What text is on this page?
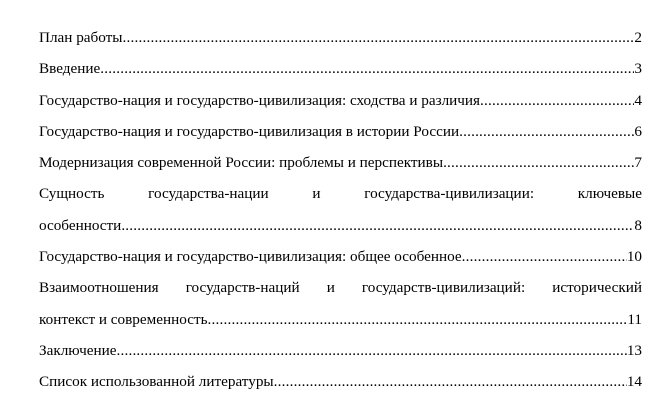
План работы .....	2
Введение .....	3
Государство-нация и государство-цивилизация: сходства и различия .....	4
Государство-нация и государство-цивилизация в истории России .....	6
Модернизация современной России: проблемы и перспективы .....	7
Сущность государства-нации и государства-цивилизации: ключевые
особенности .....	8
Государство-нация и государство-цивилизация: общее особенное .....	10
Взаимоотношения государств-наций и государств-цивилизаций: исторический
контекст и современность .....	11
Заключение .....	13
Список использованной литературы .....	14
